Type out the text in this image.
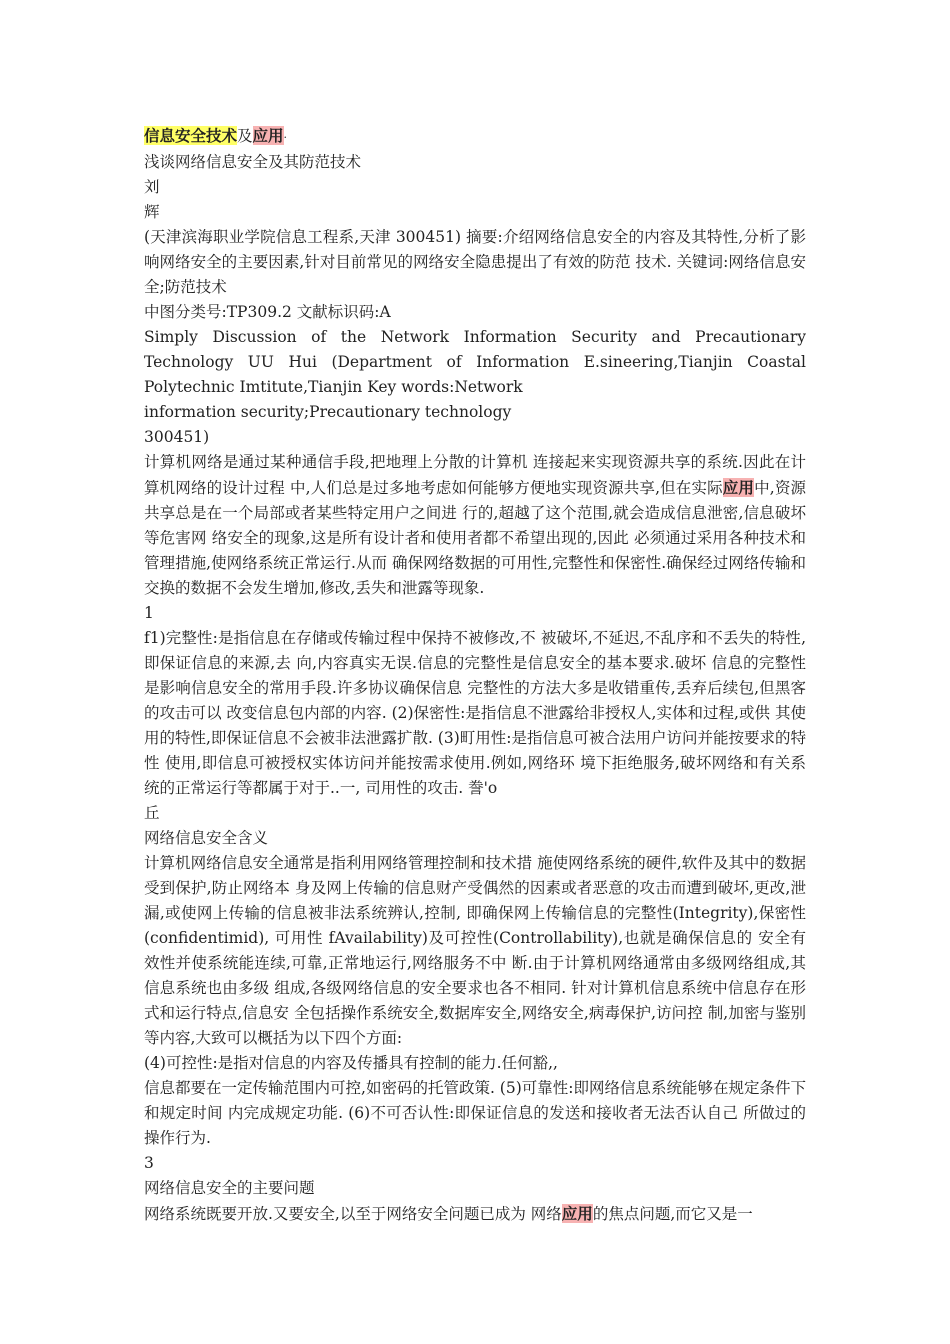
信息安全技术及应用·

浅谈网络信息安全及其防范技术

刘

辉

(天津滨海职业学院信息工程系,天津 300451) 摘要:介绍网络信息安全的内容及其特性,分析了影响网络安全的主要因素,针对目前常见的网络安全隐患提出了有效的防范 技术. 关键词:网络信息安全;防范技术

中图分类号:TP309.2 文献标识码:A

Simply Discussion of the Network Information Security and Precautionary Technology UU Hui (Department of Information E.sineering,Tianjin Coastal Polytechnic Imtitute,Tianjin Key words:Network

information security;Precautionary technology

300451)

计算机网络是通过某种通信手段,把地理上分散的计算机 连接起来实现资源共享的系统.因此在计算机网络的设计过程 中,人们总是过多地考虑如何能够方便地实现资源共享,但在实际应用中,资源共享总是在一个局部或者某些特定用户之间进 行的,超越了这个范围,就会造成信息泄密,信息破坏等危害网 络安全的现象,这是所有设计者和使用者都不希望出现的,因此 必须通过采用各种技术和管理措施,使网络系统正常运行.从而 确保网络数据的可用性,完整性和保密性.确保经过网络传输和 交换的数据不会发生增加,修改,丢失和泄露等现象.

1

f1)完整性:是指信息在存储或传输过程中保持不被修改,不 被破坏,不延迟,不乱序和不丢失的特性,即保证信息的来源,去 向,内容真实无误.信息的完整性是信息安全的基本要求.破坏 信息的完整性是影响信息安全的常用手段.许多协议确保信息 完整性的方法大多是收错重传,丢弃后续包,但黑客的攻击可以 改变信息包内部的内容. (2)保密性:是指信息不泄露给非授权人,实体和过程,或供 其使用的特性,即保证信息不会被非法泄露扩散. (3)町用性:是指信息可被合法用户访问并能按要求的特性 使用,即信息可被授权实体访问并能按需求使用.例如,网络环 境下拒绝服务,破坏网络和有关系统的正常运行等都属于对于..一, 司用性的攻击. 誊'o

丘

网络信息安全含义

计算机网络信息安全通常是指利用网络管理控制和技术措 施使网络系统的硬件,软件及其中的数据受到保护,防止网络本 身及网上传输的信息财产受偶然的因素或者恶意的攻击而遭到破坏,更改,泄漏,或使网上传输的信息被非法系统辨认,控制, 即确保网上传输信息的完整性(Integrity),保密性(confidentimid), 可用性 fAvailability)及可控性(Controllability),也就是确保信息的 安全有效性并使系统能连续,可靠,正常地运行,网络服务不中 断.由于计算机网络通常由多级网络组成,其信息系统也由多级 组成,各级网络信息的安全要求也各不相同. 针对计算机信息系统中信息存在形式和运行特点,信息安 全包括操作系统安全,数据库安全,网络安全,病毒保护,访问控 制,加密与鉴别等内容,大致可以概括为以下四个方面:

(4)可控性:是指对信息的内容及传播具有控制的能力.任何豁,,

信息都要在一定传输范围内可控,如密码的托管政策. (5)可靠性:即网络信息系统能够在规定条件下和规定时间 内完成规定功能. (6)不可否认性:即保证信息的发送和接收者无法否认自己 所做过的操作行为.

3

网络信息安全的主要问题

网络系统既要开放.又要安全,以至于网络安全问题已成为 网络应用的焦点问题,而它又是一
